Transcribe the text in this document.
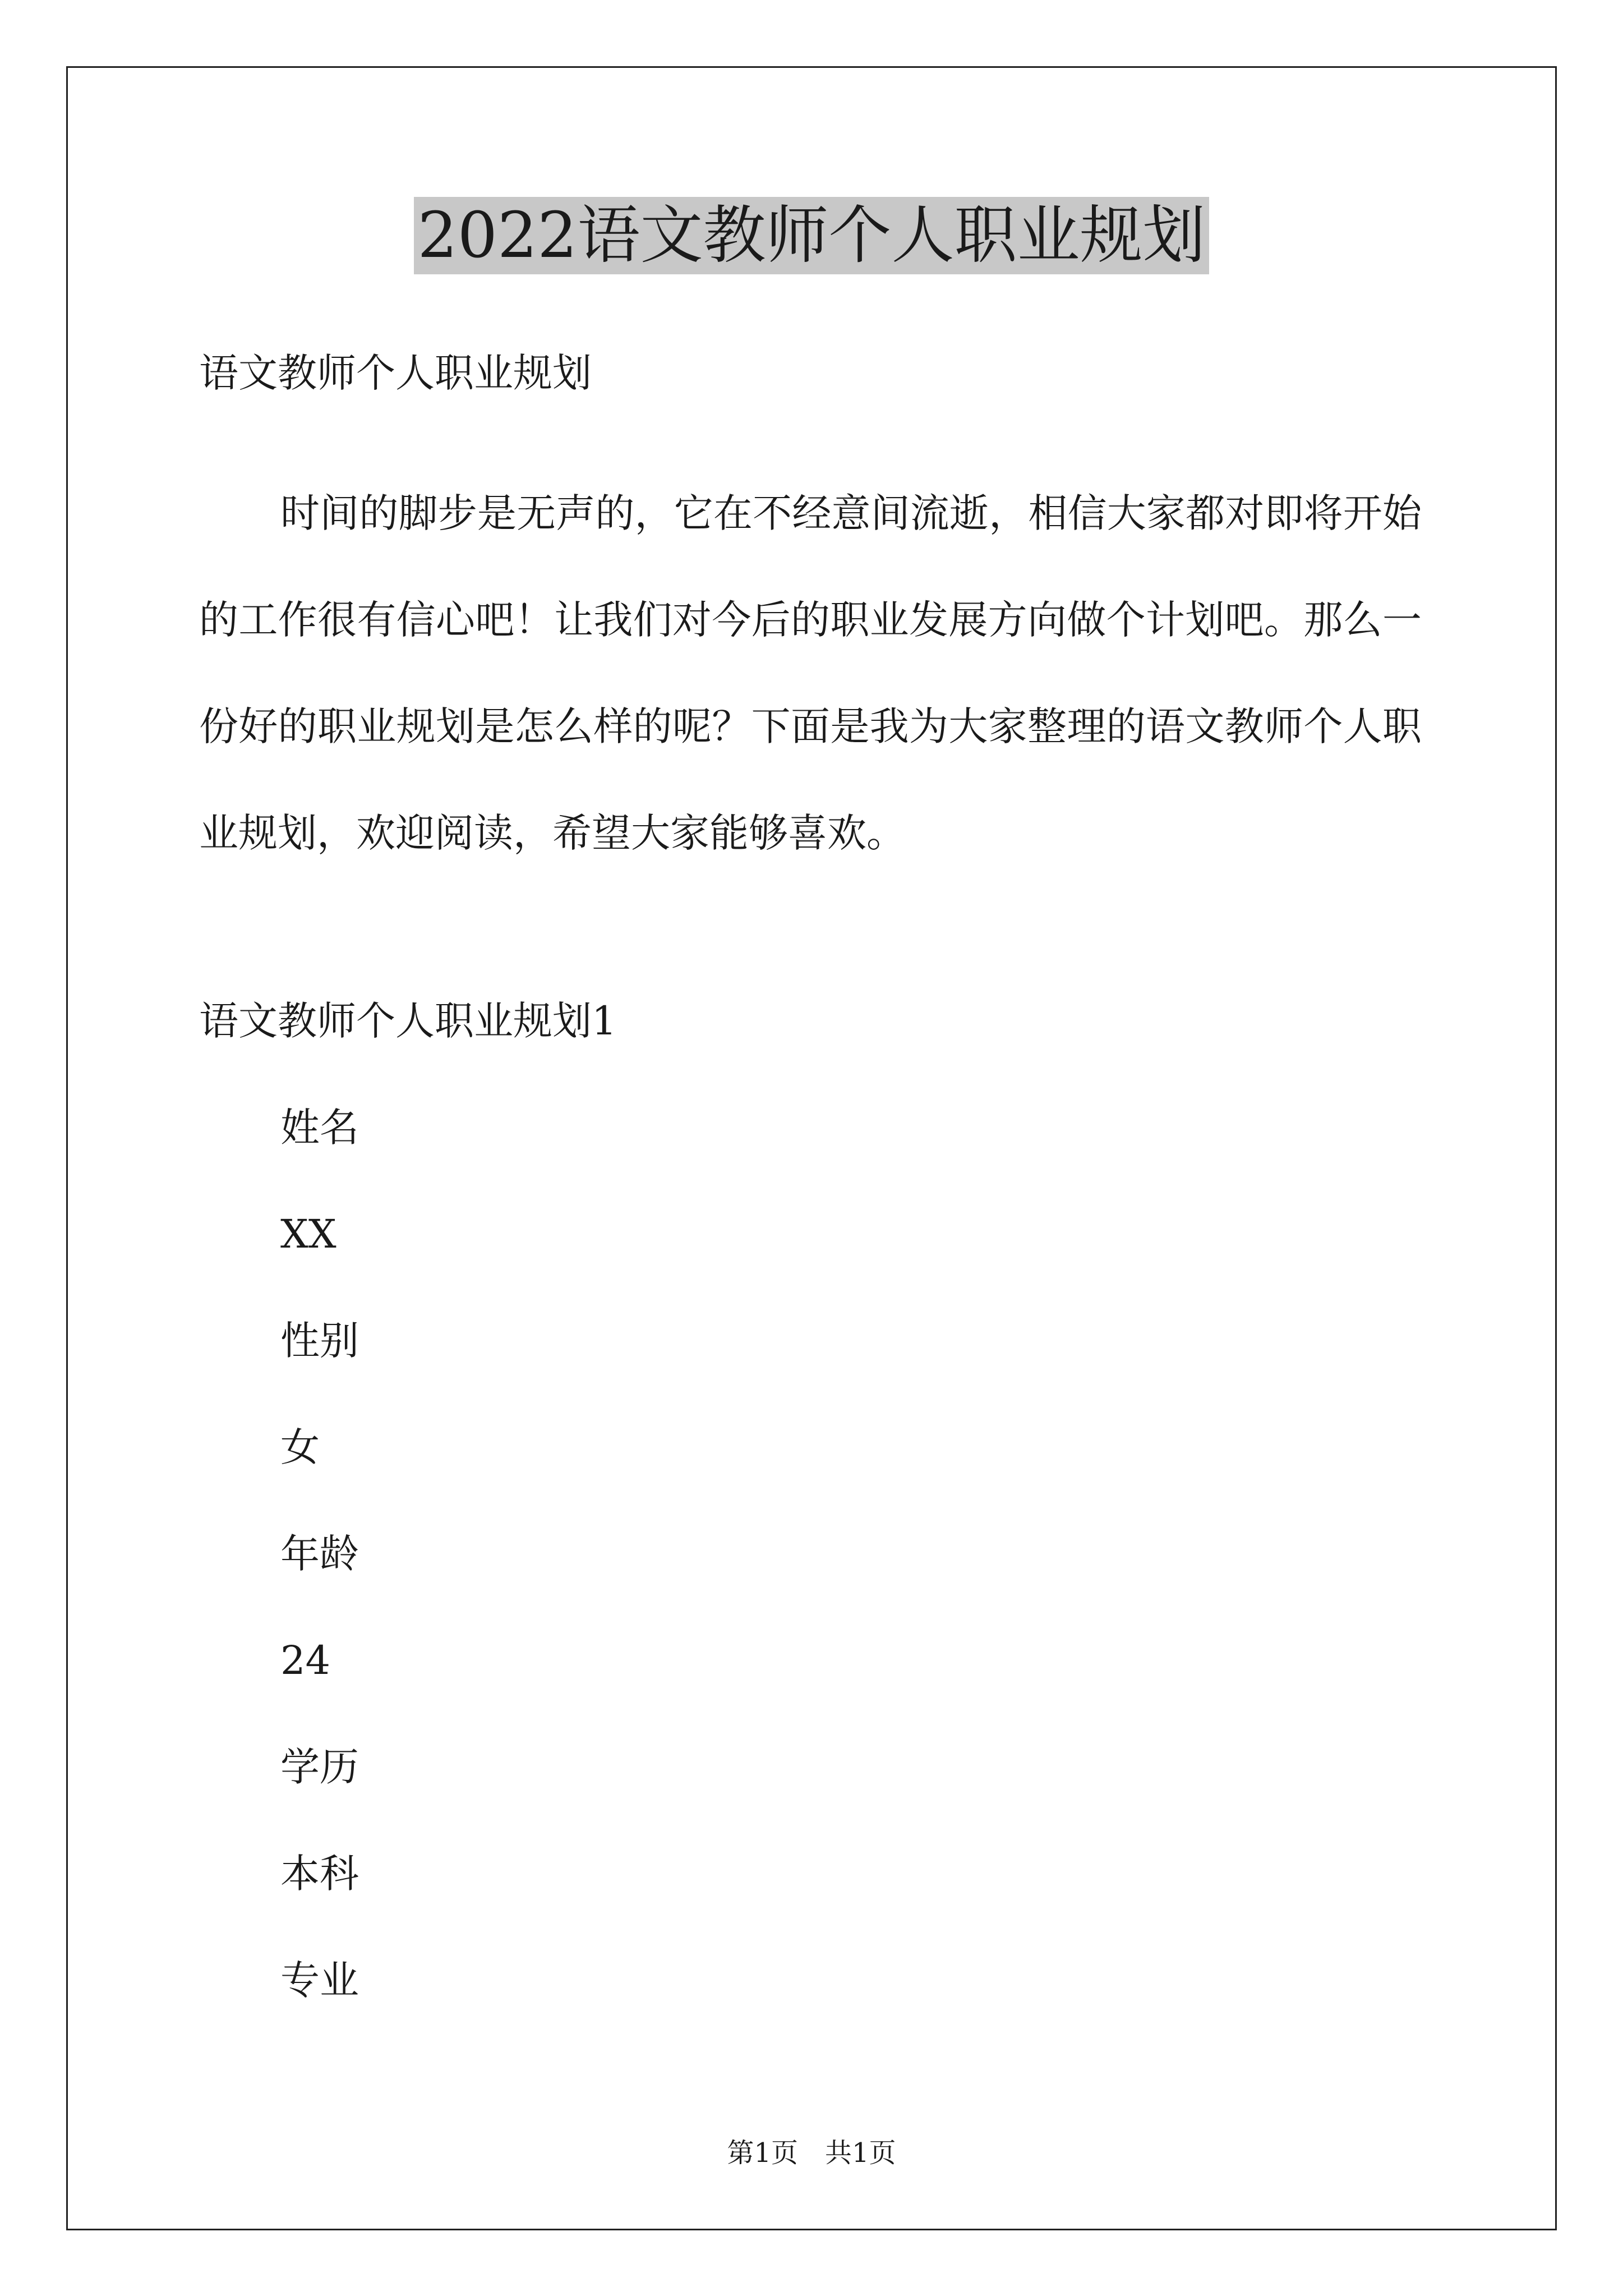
2022语文教师个人职业规划
语文教师个人职业规划

时间的脚步是无声的，它在不经意间流逝，相信大家都对即将开始的工作很有信心吧！让我们对今后的职业发展方向做个计划吧。那么一份好的职业规划是怎么样的呢？下面是我为大家整理的语文教师个人职业规划，欢迎阅读，希望大家能够喜欢。

语文教师个人职业规划1
姓名
XX
性别
女
年龄
24
学历
本科
专业
第1页 共1页
